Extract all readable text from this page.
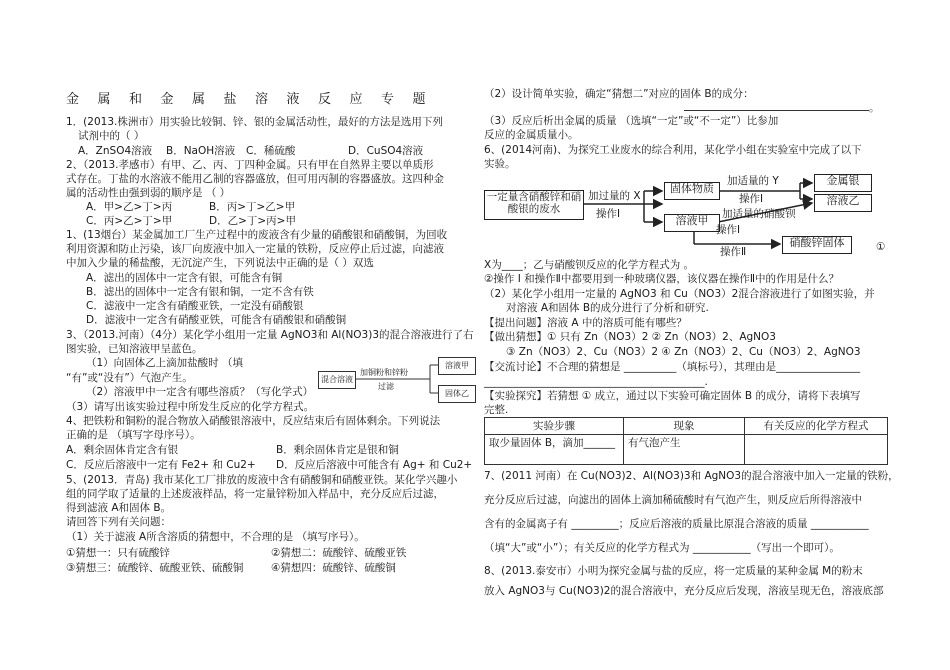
金属和金属盐溶液反应专题
1．(2013.株洲市）用实验比较铜、锌、银的金属活动性，最好的方法是选用下列
试剂中的（ ）
A．ZnSO4溶液 B．NaOH溶液 C．稀硫酸	D．CuSO4溶液
2、（2013.孝感市）有甲、乙、丙、丁四种金属。只有甲在自然界主要以单质形
式存在。丁盐的水溶液不能用乙制的容器盛放，但可用丙制的容器盛放。这四种金
属的活动性由强到弱的顺序是 （ ）
A．甲>乙>丁>丙	B．丙>丁>乙>甲
C．丙>乙>丁>甲	D．乙>丁>丙>甲
1、(13烟台）某金属加工厂生产过程中的废液含有少量的硝酸银和硝酸铜，为回收
利用资源和防止污染，该厂向废液中加入一定量的铁粉，反应停止后过滤，向滤液
中加入少量的稀盐酸，无沉淀产生，下列说法中正确的是（ ）双选
A．滤出的固体中一定含有银，可能含有铜
B．滤出的固体中一定含有银和铜，一定不含有铁
C．滤液中一定含有硝酸亚铁，一定没有硝酸银
D．滤液中一定含有硝酸亚铁，可能含有硝酸银和硝酸铜
3、（2013.河南）（4分）某化学小组用一定量 AgNO3和 Al(NO3)3的混合溶液进行了右
图实验，已知溶液甲呈蓝色。
（1）向固体乙上滴加盐酸时 （填
“有”或“没有”）气泡产生。
（2）溶液甲中一定含有哪些溶质？（写化学式）
（3）请写出该实验过程中所发生反应的化学方程式。
混合溶液
加铜粉和锌粉
过滤
溶液甲
固体乙
4、把铁粉和铜粉的混合物放入硝酸银溶液中，反应结束后有固体剩余。下列说法
正确的是 （填写字母序号）。
A．剩余固体肯定含有银	B．剩余固体肯定是银和铜
C．反应后溶液中一定有 Fe2+ 和 Cu2+ D．反应后溶液中可能含有 Ag+ 和 Cu2+
5、(2013．青岛) 我市某化工厂排放的废液中含有硝酸铜和硝酸亚铁。某化学兴趣小
组的同学取了适量的上述废液样品，将一定量锌粉加入样品中，充分反应后过滤，
得到滤液 A和固体 B。
请回答下列有关问题：
（1）关于滤液 A所含溶质的猜想中，不合理的是 （填写序号）。
①猜想一：只有硫酸锌	②猜想二：硫酸锌、硫酸亚铁
③猜想三：硫酸锌、硫酸亚铁、硫酸铜	④猜想四：硫酸锌、硫酸铜
（2）设计简单实验，确定“猜想二”对应的固体 B的成分：
。
（3）反应后析出金属的质量 （选填“一定”或“不一定”）比参加
反应的金属质量小。
6、(2014河南)、为探究工业废水的综合利用，某化学小组在实验室中完成了以下
实验。
一定量含硝酸锌和硝酸银的废水
加过量的 X
操作Ⅰ
固体物质
加适量的 Y
操作Ⅰ
金属银
溶液乙
溶液甲	加适量的硝酸钡
操作Ⅰ
操作Ⅱ
硝酸锌固体	①
X为____；乙与硝酸钡反应的化学方程式为 。
②操作 Ⅰ 和操作Ⅱ中都要用到一种玻璃仪器，该仪器在操作Ⅱ中的作用是什么？
（2）某化学小组用一定量的 AgNO3 和 Cu（NO3）2混合溶液进行了如图实验，并
对溶液 A和固体 B的成分进行了分析和研究.
【提出问题】溶液 A 中的溶质可能有哪些？
【做出猜想】① 只有 Zn（NO3）2 ② Zn（NO3）2、AgNO3
③ Zn（NO3）2、Cu（NO3）2 ④ Zn（NO3）2、Cu（NO3）2、AgNO3
【交流讨论】不合理的猜想是 __________（填标号），其理由是________________
__________________________________________.
【实验探究】若猜想 ① 成立，通过以下实验可确定固体 B 的成分，请将下表填写
完整.
实验步骤	现象	有关反应的化学方程式
取少量固体 B，滴加______	有气泡产生	
7、(2011 河南）在 Cu(NO3)2、Al(NO3)3和 AgNO3的混合溶液中加入一定量的铁粉，
充分反应后过滤，向滤出的固体上滴加稀硫酸时有气泡产生，则反应后所得溶液中
含有的金属离子有 _________；反应后溶液的质量比原混合溶液的质量 ___________
（填“大”或“小”）；有关反应的化学方程式为 ___________（写出一个即可）。
8、(2013.泰安市）小明为探究金属与盐的反应，将一定质量的某种金属 M的粉末
放入 AgNO3与 Cu(NO3)2的混合溶液中，充分反应后发现，溶液呈现无色，溶液底部
